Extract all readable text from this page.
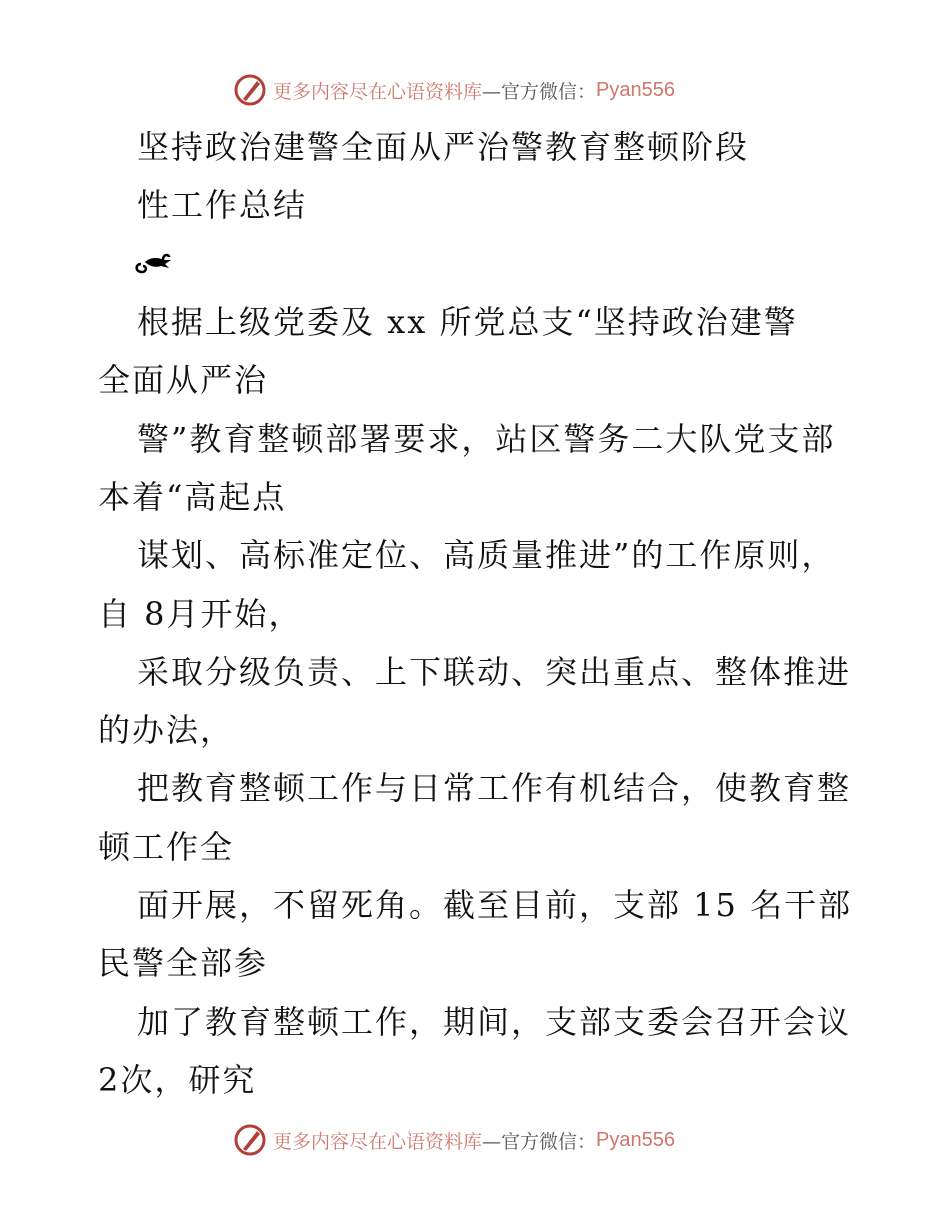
更多内容尽在心语资料库 —官方微信： Pyan556
坚持政治建警全面从严治警教育整顿阶段
性工作总结
根据上级党委及 xx 所党总支“坚持政治建警
全面从严治
警”教育整顿部署要求，站区警务二大队党支部
本着“高起点
谋划、高标准定位、高质量推进”的工作原则，
自 8月开始，
采取分级负责、上下联动、突出重点、整体推进
的办法，
把教育整顿工作与日常工作有机结合，使教育整
顿工作全
面开展，不留死角。截至目前，支部 15 名干部
民警全部参
加了教育整顿工作，期间，支部支委会召开会议
2次，研究
更多内容尽在心语资料库 —官方微信： Pyan556
